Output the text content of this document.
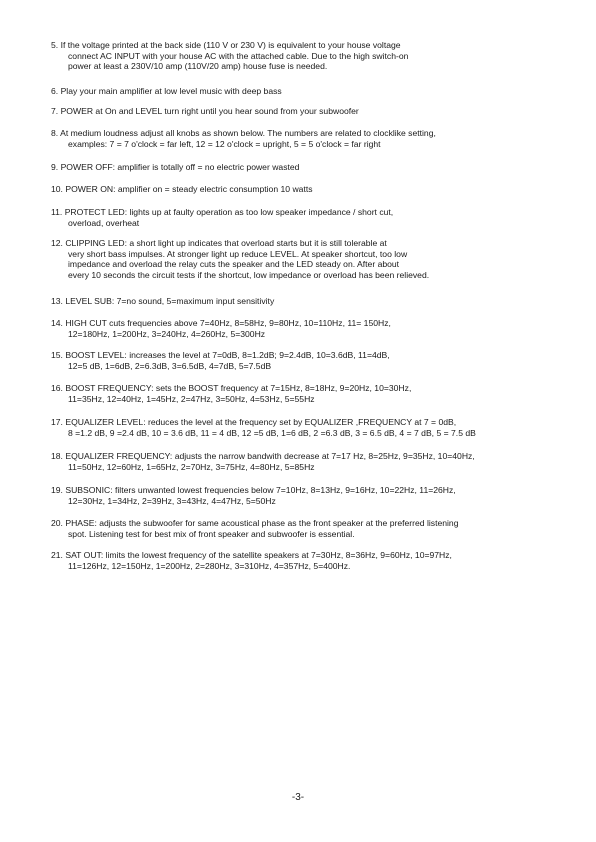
5. If the voltage printed at the back side (110 V or 230 V) is equivalent to your house voltage
connect AC INPUT with your house AC with the attached cable. Due to the high switch-on
power at least a 230V/10 amp (110V/20 amp) house fuse is needed.
6. Play your main amplifier at low level music with deep bass
7. POWER at On and LEVEL turn right until you hear sound from your subwoofer
8. At medium loudness adjust all knobs as shown below. The numbers are related to clocklike setting,
examples: 7 = 7 o'clock = far left, 12 = 12 o'clock = upright, 5 = 5 o'clock = far right
9. POWER OFF: amplifier is totally off = no electric power wasted
10. POWER ON: amplifier on = steady electric consumption 10 watts
11. PROTECT LED: lights up at faulty operation as too low speaker impedance / short cut,
overload, overheat
12. CLIPPING LED: a short light up indicates that overload starts but it is still tolerable at
very short bass impulses. At stronger light up reduce LEVEL. At speaker shortcut, too low
impedance and overload the relay cuts the speaker and the LED steady on. After about
every 10 seconds the circuit tests if the shortcut, low impedance or overload has been relieved.
13. LEVEL SUB: 7=no sound, 5=maximum input sensitivity
14. HIGH CUT cuts frequencies above 7=40Hz, 8=58Hz, 9=80Hz, 10=110Hz, 11= 150Hz,
12=180Hz, 1=200Hz, 3=240Hz, 4=260Hz, 5=300Hz
15. BOOST LEVEL: increases the level at 7=0dB, 8=1.2dB; 9=2.4dB, 10=3.6dB, 11=4dB,
12=5 dB, 1=6dB, 2=6.3dB, 3=6.5dB, 4=7dB, 5=7.5dB
16. BOOST FREQUENCY: sets the BOOST frequency at 7=15Hz, 8=18Hz, 9=20Hz, 10=30Hz,
11=35Hz, 12=40Hz, 1=45Hz, 2=47Hz, 3=50Hz, 4=53Hz, 5=55Hz
17. EQUALIZER LEVEL: reduces the level at the frequency set by EQUALIZER ,FREQUENCY at 7 = 0dB,
8 =1.2 dB, 9 =2.4 dB, 10 = 3.6 dB, 11 = 4 dB, 12 =5 dB, 1=6 dB, 2 =6.3 dB, 3 = 6.5 dB, 4 = 7 dB, 5 = 7.5 dB
18. EQUALIZER FREQUENCY: adjusts the narrow bandwith decrease at 7=17 Hz, 8=25Hz, 9=35Hz, 10=40Hz,
11=50Hz, 12=60Hz, 1=65Hz, 2=70Hz, 3=75Hz, 4=80Hz, 5=85Hz
19. SUBSONIC: filters unwanted lowest frequencies below 7=10Hz, 8=13Hz, 9=16Hz, 10=22Hz, 11=26Hz,
12=30Hz, 1=34Hz, 2=39Hz, 3=43Hz, 4=47Hz, 5=50Hz
20. PHASE: adjusts the subwoofer for same acoustical phase as the front speaker at the preferred listening
spot. Listening test for best mix of front speaker and subwoofer is essential.
21. SAT OUT: limits the lowest frequency of the satellite speakers at 7=30Hz, 8=36Hz, 9=60Hz, 10=97Hz,
11=126Hz, 12=150Hz, 1=200Hz, 2=280Hz, 3=310Hz, 4=357Hz, 5=400Hz.
-3-
